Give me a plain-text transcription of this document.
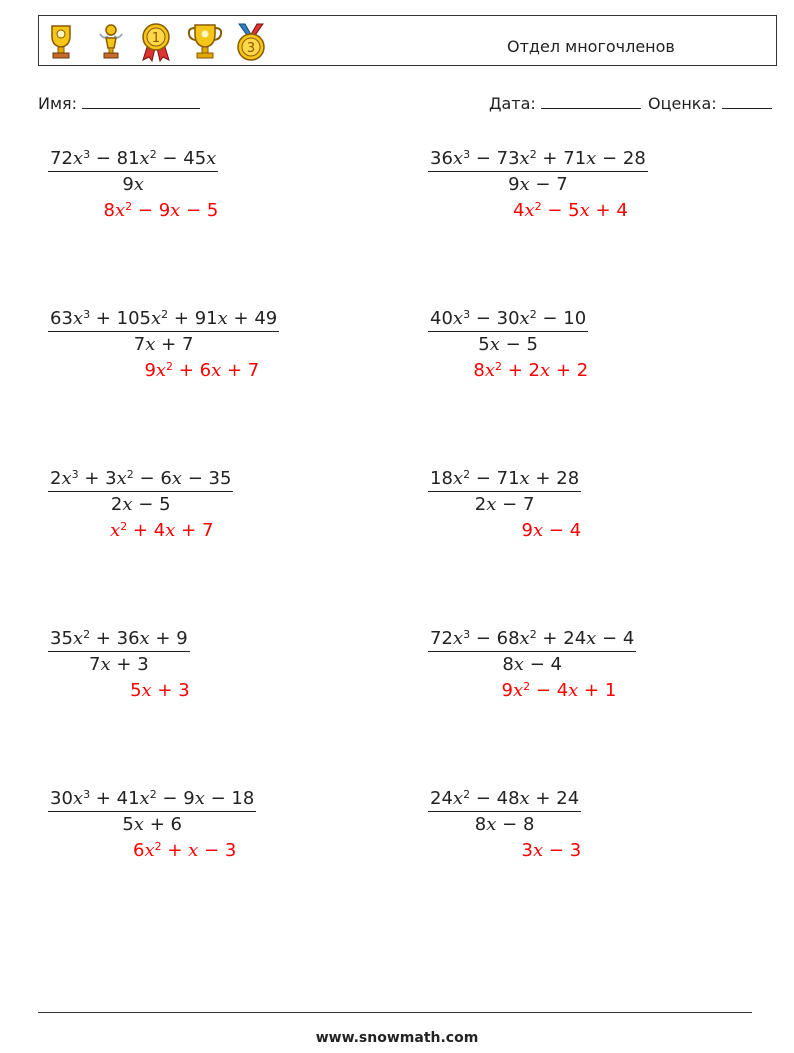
1
3	Отдел многочленов
Имя:	Дата:	Оценка:
$\frac{72x^3 - 81x^2 - 45x}{9x}$
$8x^2 - 9x - 5$
$\frac{36x^3 - 73x^2 + 71x - 28}{9x - 7}$
$4x^2 - 5x + 4$
$\frac{63x^3 + 105x^2 + 91x + 49}{7x + 7}$
$9x^2 + 6x + 7$
$\frac{40x^3 - 30x^2 - 10}{5x - 5}$
$8x^2 + 2x + 2$
$\frac{2x^3 + 3x^2 - 6x - 35}{2x - 5}$
$x^2 + 4x + 7$
$\frac{18x^2 - 71x + 28}{2x - 7}$
9x − 4
$\frac{35x^2 + 36x + 9}{7x + 3}$
5x + 3
$\frac{72x^3 - 68x^2 + 24x - 4}{8x - 4}$
$9x^2 - 4x + 1$
$\frac{30x^3 + 41x^2 - 9x - 18}{5x + 6}$
$6x^2 + x - 3$
$\frac{24x^2 - 48x + 24}{8x - 8}$
3x − 3
www.snowmath.com
